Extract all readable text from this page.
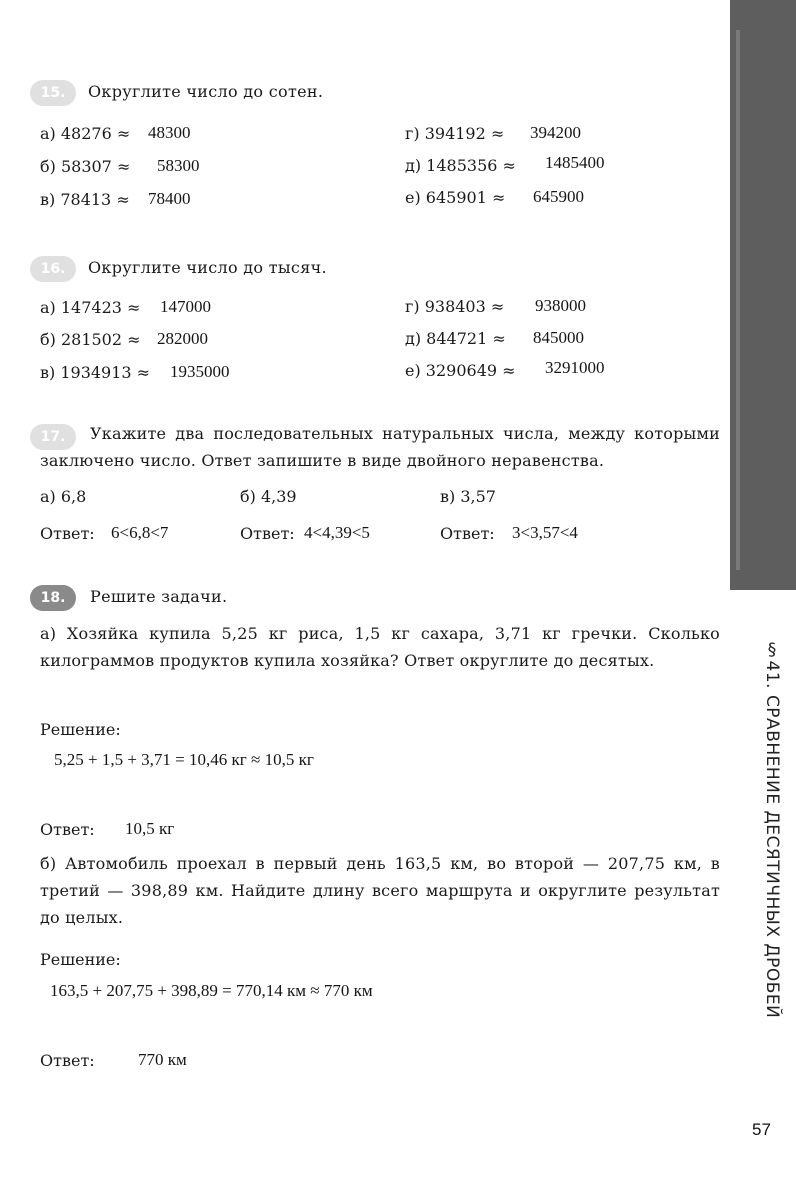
§41. СРАВНЕНИЕ ДЕСЯТИЧНЫХ ДРОБЕЙ
57
15.	Округлите число до сотен.
а) 48276 ≈ 48300
б) 58307 ≈ 58300
в) 78413 ≈ 78400
г) 394192 ≈ 394200
д) 1485356 ≈ 1485400
е) 645901 ≈ 645900
16.	Округлите число до тысяч.
а) 147423 ≈ 147000
б) 281502 ≈ 282000
в) 1934913 ≈ 1935000
г) 938403 ≈ 938000
д) 844721 ≈ 845000
е) 3290649 ≈ 3291000
17.	Укажите два последовательных натуральных числа, между которыми заключено число. Ответ запишите в виде двойного неравенства.
а) 6,8	б) 4,39	в) 3,57
Ответ: 6<6,8<7	Ответ: 4<4,39<5	Ответ: 3<3,57<4
18.	Решите задачи.
а) Хозяйка купила 5,25 кг риса, 1,5 кг сахара, 3,71 кг гречки. Сколько килограммов продуктов купила хозяйка? Ответ округлите до десятых.
Решение:
5,25 + 1,5 + 3,71 = 10,46 кг ≈ 10,5 кг
Ответ: 10,5 кг
б) Автомобиль проехал в первый день 163,5 км, во второй — 207,75 км, в третий — 398,89 км. Найдите длину всего маршрута и округлите результат до целых.
Решение:
163,5 + 207,75 + 398,89 = 770,14 км ≈ 770 км
Ответ:	770 км
